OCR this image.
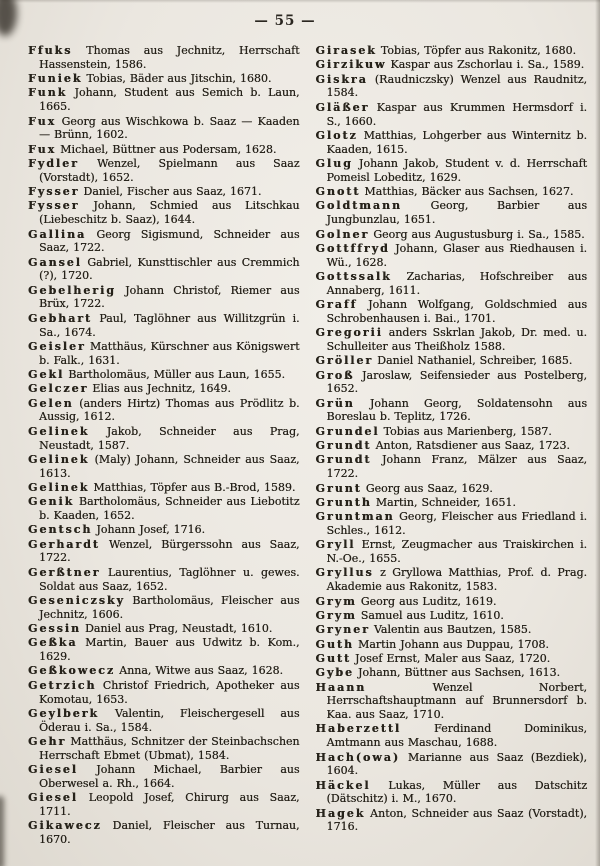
— 55 —

Ffuks Thomas aus Jechnitz, Herrschaft Hassenstein, 1586.

Funiek Tobias, Bäder aus Jitschin, 1680.

Funk Johann, Student aus Semich b. Laun, 1665.

Fux Georg aus Wischkowa b. Saaz — Kaaden — Brünn, 1602.

Fux Michael, Büttner aus Podersam, 1628.

Fydler Wenzel, Spielmann aus Saaz (Vorstadt), 1652.

Fysser Daniel, Fischer aus Saaz, 1671.

Fysser Johann, Schmied aus Litschkau (Liebeschitz b. Saaz), 1644.

Gallina Georg Sigismund, Schneider aus Saaz, 1722.

Gansel Gabriel, Kunsttischler aus Cremmich (?), 1720.

Gebelherig Johann Christof, Riemer aus Brüx, 1722.

Gebhart Paul, Taglöhner aus Willitzgrün i. Sa., 1674.

Geisler Matthäus, Kürschner aus Königswert b. Falk., 1631.

Gekl Bartholomäus, Müller aus Laun, 1655.

Gelczer Elias aus Jechnitz, 1649.

Gelen (anders Hirtz) Thomas aus Prödlitz b. Aussig, 1612.

Gelinek Jakob, Schneider aus Prag, Neustadt, 1587.

Gelinek (Maly) Johann, Schneider aus Saaz, 1613.

Gelinek Matthias, Töpfer aus B.-Brod, 1589.

Genik Bartholomäus, Schneider aus Liebotitz b. Kaaden, 1652.

Gentsch Johann Josef, 1716.

Gerhardt Wenzel, Bürgerssohn aus Saaz, 1722.

Gerßtner Laurentius, Taglöhner u. gewes. Soldat aus Saaz, 1652.

Geseniczsky Bartholomäus, Fleischer aus Jechnitz, 1606.

Gessin Daniel aus Prag, Neustadt, 1610.

Geßka Martin, Bauer aus Udwitz b. Kom., 1629.

Geßkowecz Anna, Witwe aus Saaz, 1628.

Getrzich Christof Friedrich, Apotheker aus Komotau, 1653.

Geylberk Valentin, Fleischergesell aus Öderau i. Sa., 1584.

Gehr Matthäus, Schnitzer der Steinbachschen Herrschaft Ebmet (Ubmat), 1584.

Giesel Johann Michael, Barbier aus Oberwesel a. Rh., 1664.

Giesel Leopold Josef, Chirurg aus Saaz, 1711.

Gikawecz Daniel, Fleischer aus Turnau, 1670.

Girasek Tobias, Töpfer aus Rakonitz, 1680.

Girzikuw Kaspar aus Zschorlau i. Sa., 1589.

Giskra (Raudniczsky) Wenzel aus Raudnitz, 1584.

Gläßer Kaspar aus Krummen Hermsdorf i. S., 1660.

Glotz Matthias, Lohgerber aus Winternitz b. Kaaden, 1615.

Glug Johann Jakob, Student v. d. Herrschaft Pomeisl Lobeditz, 1629.

Gnott Matthias, Bäcker aus Sachsen, 1627.

Goldtmann Georg, Barbier aus Jungbunzlau, 1651.

Golner Georg aus Augustusburg i. Sa., 1585.

Gottffryd Johann, Glaser aus Riedhausen i. Wü., 1628.

Gottssalk Zacharias, Hofschreiber aus Annaberg, 1611.

Graff Johann Wolfgang, Goldschmied aus Schrobenhausen i. Bai., 1701.

Gregorii anders Sskrlan Jakob, Dr. med. u. Schulleiter aus Theißholz 1588.

Gröller Daniel Nathaniel, Schreiber, 1685.

Groß Jaroslaw, Seifensieder aus Postelberg, 1652.

Grün Johann Georg, Soldatensohn aus Boreslau b. Teplitz, 1726.

Grundel Tobias aus Marienberg, 1587.

Grundt Anton, Ratsdiener aus Saaz, 1723.

Grundt Johann Franz, Mälzer aus Saaz, 1722.

Grunt Georg aus Saaz, 1629.

Grunth Martin, Schneider, 1651.

Gruntman Georg, Fleischer aus Friedland i. Schles., 1612.

Gryll Ernst, Zeugmacher aus Traiskirchen i. N.-Oe., 1655.

Gryllus z Gryllowa Matthias, Prof. d. Prag. Akademie aus Rakonitz, 1583.

Grym Georg aus Luditz, 1619.

Grym Samuel aus Luditz, 1610.

Gryner Valentin aus Bautzen, 1585.

Guth Martin Johann aus Duppau, 1708.

Gutt Josef Ernst, Maler aus Saaz, 1720.

Gybe Johann, Büttner aus Sachsen, 1613.

Haann Wenzel Norbert, Herrschaftshauptmann auf Brunnersdorf b. Kaa. aus Saaz, 1710.

Haberzettl Ferdinand Dominikus, Amtmann aus Maschau, 1688.

Hach(owa) Marianne aus Saaz (Bezdiek), 1604.

Häckel Lukas, Müller aus Datschitz (Dätschitz) i. M., 1670.

Hagek Anton, Schneider aus Saaz (Vorstadt), 1716.
